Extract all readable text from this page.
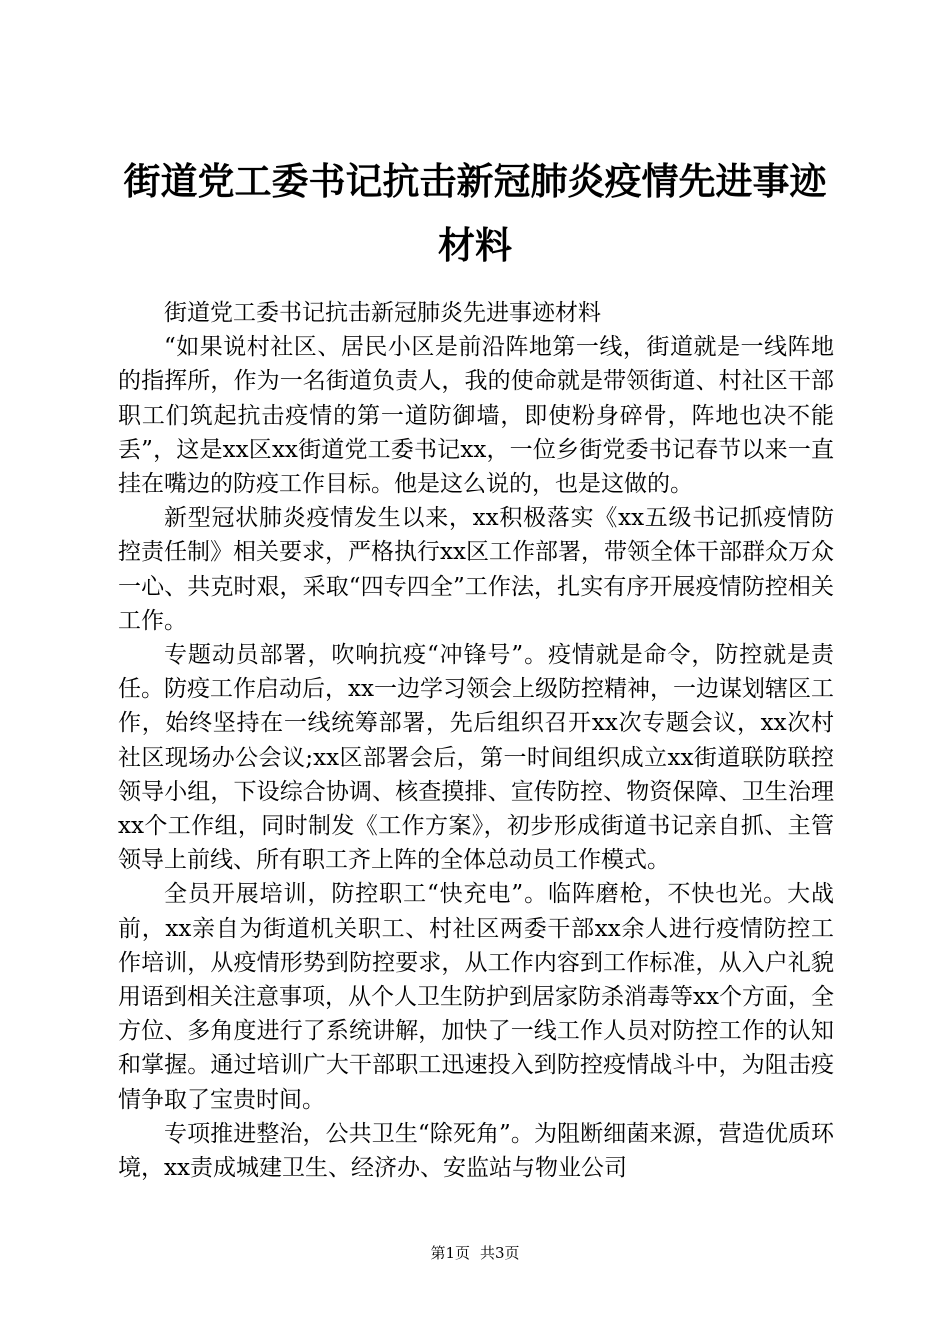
街道党工委书记抗击新冠肺炎疫情先进事迹材料

街道党工委书记抗击新冠肺炎先进事迹材料

“如果说村社区、居民小区是前沿阵地第一线，街道就是一线阵地的指挥所，作为一名街道负责人，我的使命就是带领街道、村社区干部职工们筑起抗击疫情的第一道防御墙，即使粉身碎骨，阵地也决不能丢”，这是xx区xx街道党工委书记xx，一位乡街党委书记春节以来一直挂在嘴边的防疫工作目标。他是这么说的，也是这做的。

新型冠状肺炎疫情发生以来，xx积极落实《xx五级书记抓疫情防控责任制》相关要求，严格执行xx区工作部署，带领全体干部群众万众一心、共克时艰，采取“四专四全”工作法，扎实有序开展疫情防控相关工作。

专题动员部署，吹响抗疫“冲锋号”。疫情就是命令，防控就是责任。防疫工作启动后，xx一边学习领会上级防控精神，一边谋划辖区工作，始终坚持在一线统筹部署，先后组织召开xx次专题会议，xx次村社区现场办公会议;xx区部署会后，第一时间组织成立xx街道联防联控领导小组，下设综合协调、核查摸排、宣传防控、物资保障、卫生治理xx个工作组，同时制发《工作方案》，初步形成街道书记亲自抓、主管领导上前线、所有职工齐上阵的全体总动员工作模式。

全员开展培训，防控职工“快充电”。临阵磨枪，不快也光。大战前，xx亲自为街道机关职工、村社区两委干部xx余人进行疫情防控工作培训，从疫情形势到防控要求，从工作内容到工作标准，从入户礼貌用语到相关注意事项，从个人卫生防护到居家防杀消毒等xx个方面，全方位、多角度进行了系统讲解，加快了一线工作人员对防控工作的认知和掌握。通过培训广大干部职工迅速投入到防控疫情战斗中，为阻击疫情争取了宝贵时间。

专项推进整治，公共卫生“除死角”。为阻断细菌来源，营造优质环境，xx责成城建卫生、经济办、安监站与物业公司

第1页 共3页
